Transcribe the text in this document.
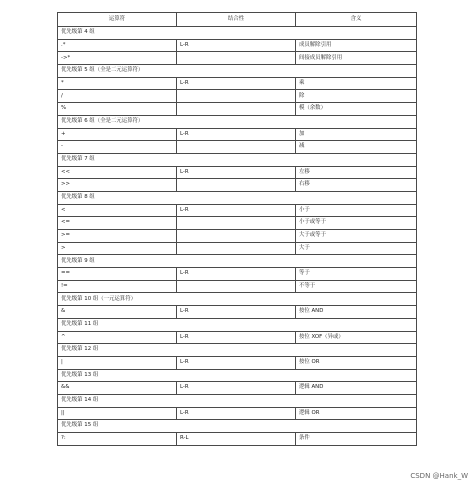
运算符	结合性	含义
优先级第 4 组		
.*	L-R	成员解除引用
->*		间接成员解除引用
优先级第 5 组（全是二元运算符）		
*	L-R	乘
/		除
%		模（余数）
优先级第 6 组（全是二元运算符）		
+	L-R	加
-		减
优先级第 7 组		
<<	L-R	左移
>>		右移
优先级第 8 组		
<	L-R	小于
<=		小于或等于
>=		大于或等于
>		大于
优先级第 9 组		
==	L-R	等于
!=		不等于
优先级第 10 组（一元运算符）		
&	L-R	按位 AND
优先级第 11 组		
^	L-R	按位 XOF（异或）
优先级第 12 组		
|	L-R	按位 OR
优先级第 13 组		
&&	L-R	逻辑 AND
优先级第 14 组		
||	L-R	逻辑 OR
优先级第 15 组		
?:	R-L	条件
CSDN @Hank_W
